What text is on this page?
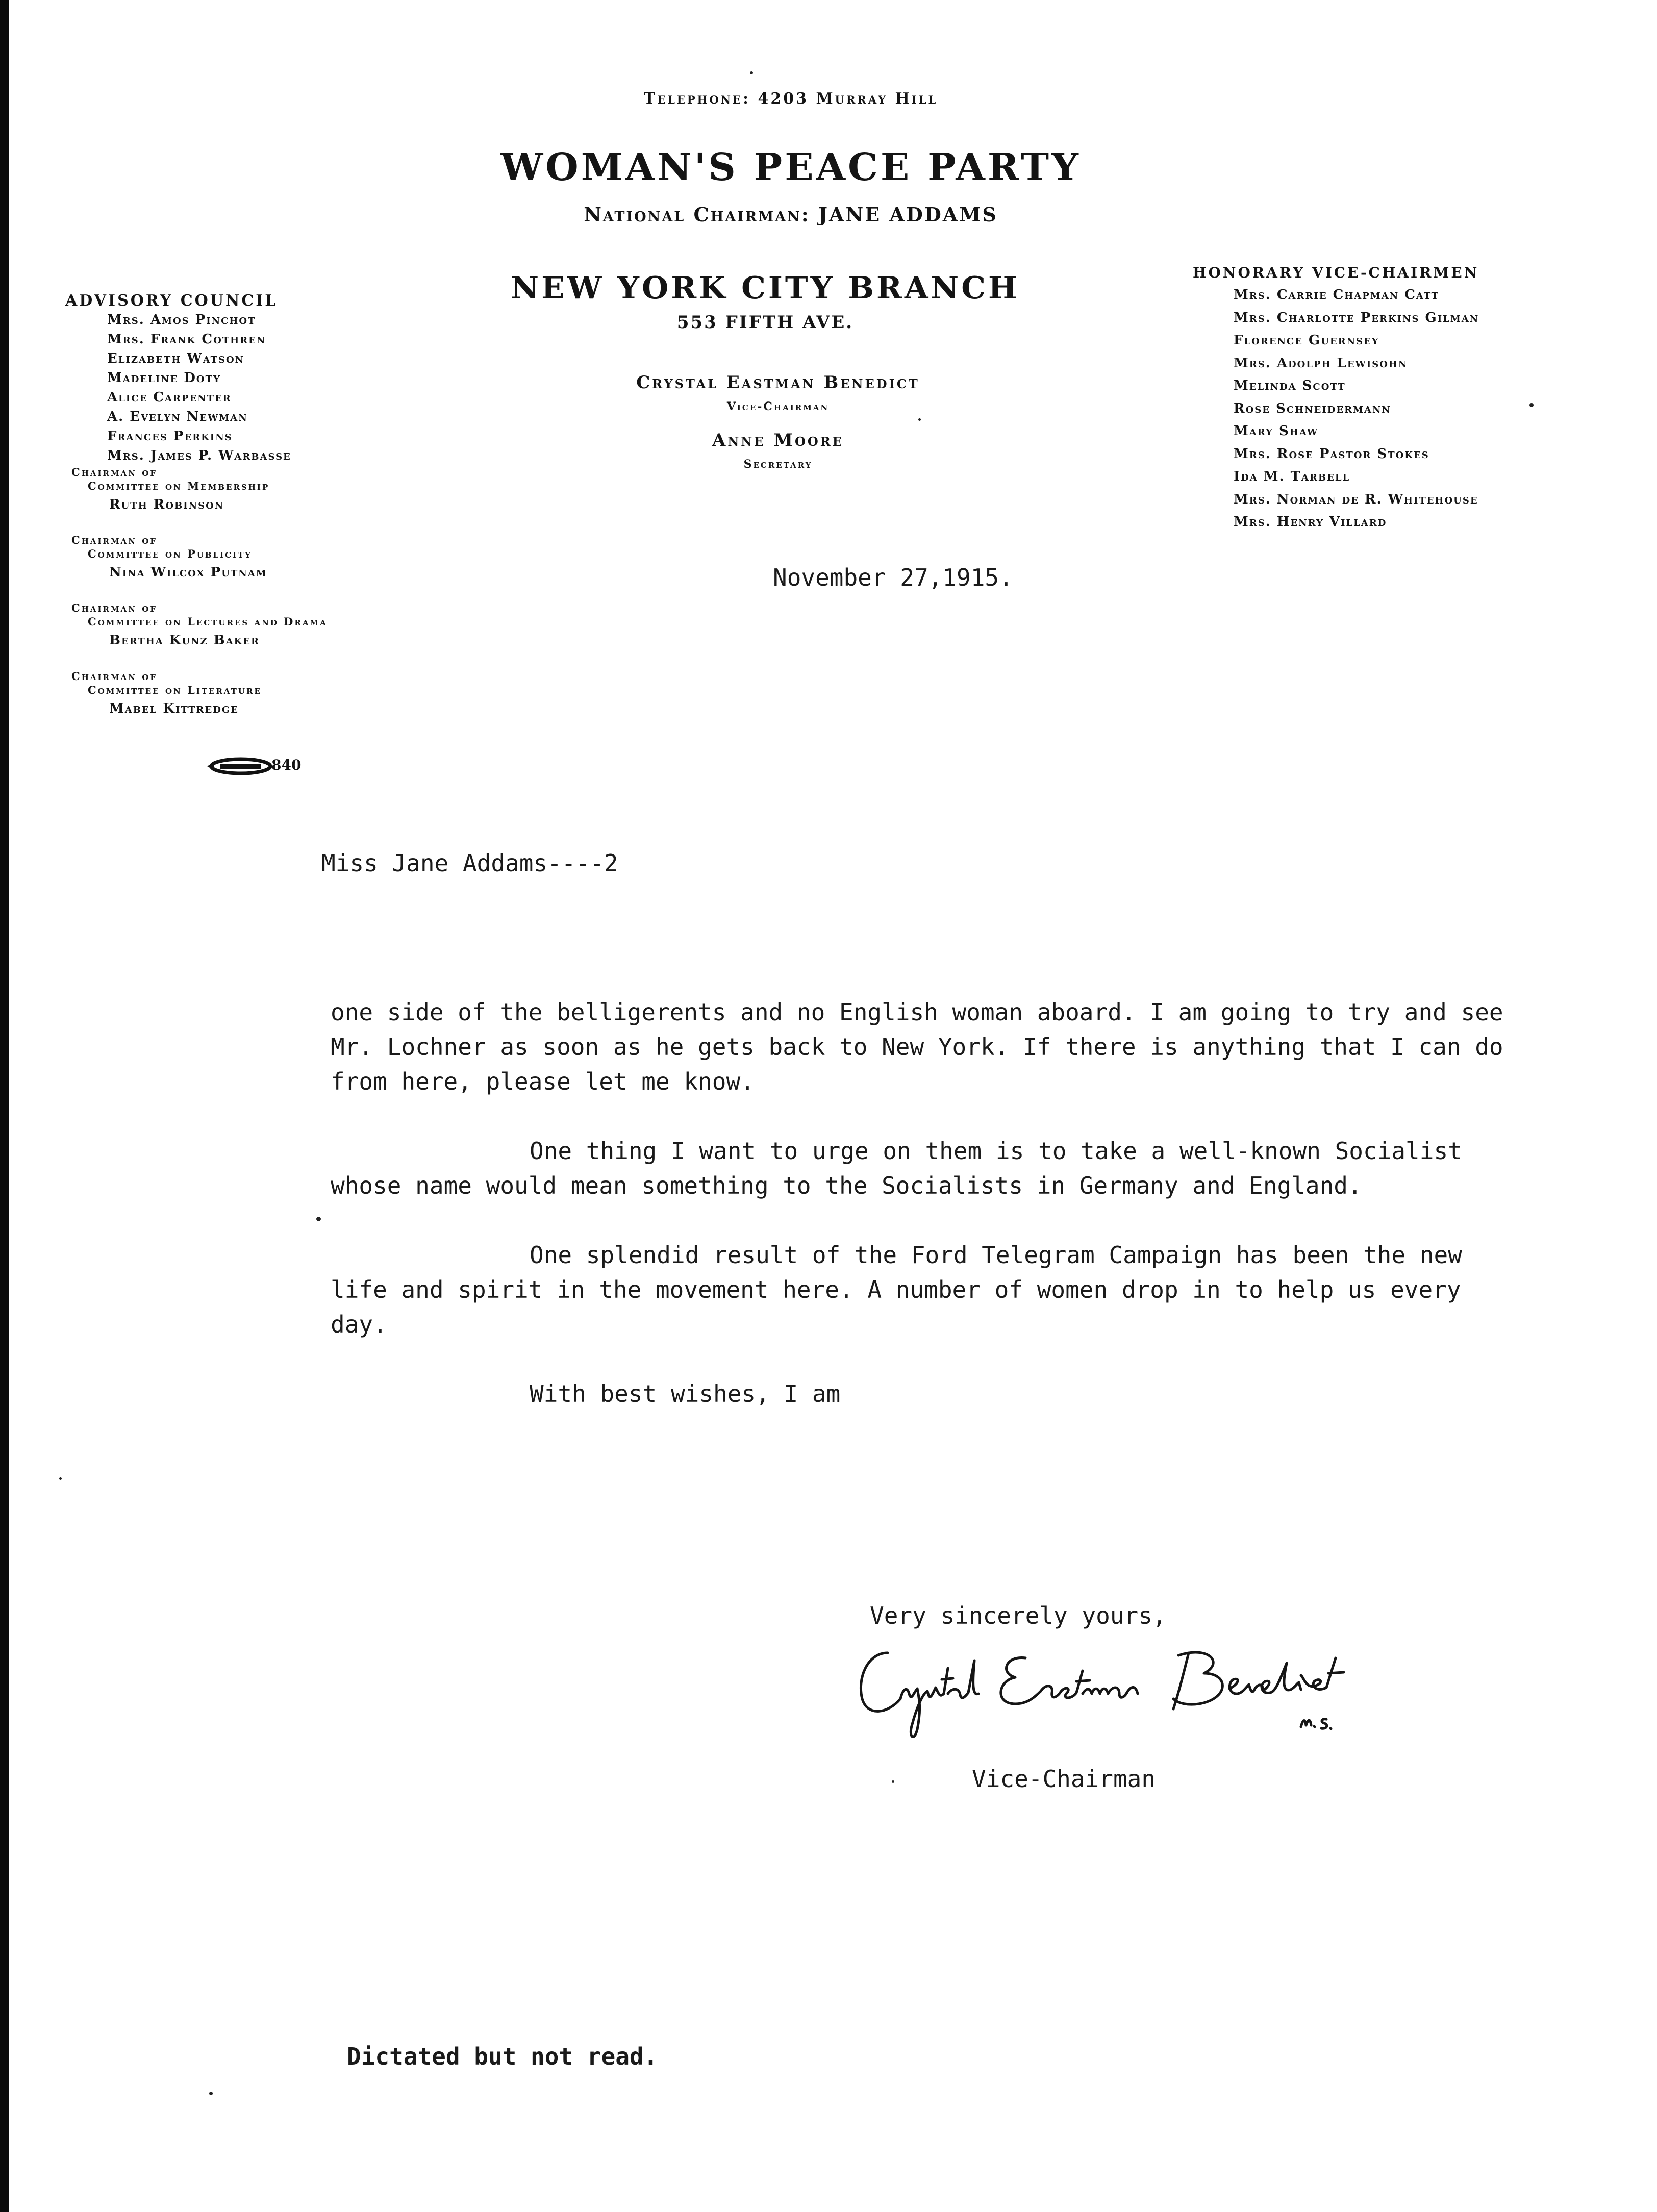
Telephone: 4203 Murray Hill
WOMAN'S PEACE PARTY
National Chairman: JANE ADDAMS
NEW YORK CITY BRANCH
553 FIFTH AVE.
Crystal Eastman Benedict
Vice-Chairman
Anne Moore
Secretary
ADVISORY COUNCIL
Mrs. Amos Pinchot
Mrs. Frank Cothren
Elizabeth Watson
Madeline Doty
Alice Carpenter
A. Evelyn Newman
Frances Perkins
Mrs. James P. Warbasse
Chairman of
Committee on Membership
Ruth Robinson
Chairman of
Committee on Publicity
Nina Wilcox Putnam
Chairman of
Committee on Lectures and Drama
Bertha Kunz Baker
Chairman of
Committee on Literature
Mabel Kittredge
840
HONORARY VICE-CHAIRMEN
Mrs. Carrie Chapman Catt
Mrs. Charlotte Perkins Gilman
Florence Guernsey
Mrs. Adolph Lewisohn
Melinda Scott
Rose Schneidermann
Mary Shaw
Mrs. Rose Pastor Stokes
Ida M. Tarbell
Mrs. Norman de R. Whitehouse
Mrs. Henry Villard
November 27,1915.
Miss Jane Addams----2

one side of the belligerents and no English woman aboard. I am going to try and see Mr. Lochner as soon as he gets back to New York. If there is anything that I can do from here, please let me know.

One thing I want to urge on them is to take a well-known Socialist whose name would mean something to the Socialists in Germany and England.

One splendid result of the Ford Telegram Campaign has been the new life and spirit in the movement here. A number of women drop in to help us every day.

With best wishes, I am

Very sincerely yours,
Vice-Chairman
Dictated but not read.
